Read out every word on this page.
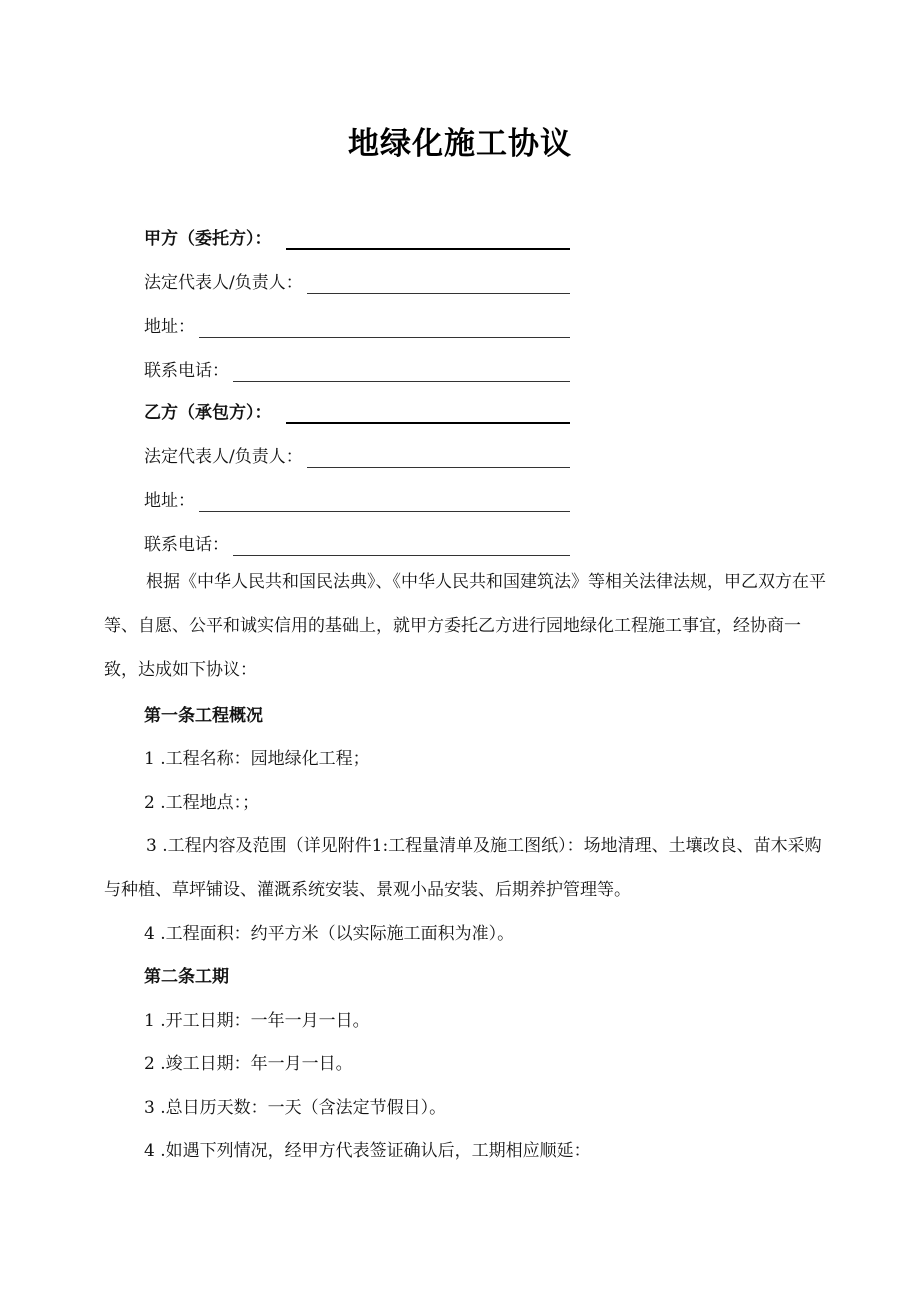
地绿化施工协议
甲方（委托方）：
法定代表人/负责人：
地址：
联系电话：
乙方（承包方）：
法定代表人/负责人：
地址：
联系电话：

根据《中华人民共和国民法典》、《中华人民共和国建筑法》等相关法律法规，甲乙双方在平等、自愿、公平和诚实信用的基础上，就甲方委托乙方进行园地绿化工程施工事宜，经协商一致，达成如下协议：

第一条工程概况
1 .工程名称：园地绿化工程；
2 .工程地点：；

3 .工程内容及范围（详见附件1:工程量清单及施工图纸）：场地清理、土壤改良、苗木采购与种植、草坪铺设、灌溉系统安装、景观小品安装、后期养护管理等。

4 .工程面积：约平方米（以实际施工面积为准）。
第二条工期
1 .开工日期：一年一月一日。
2 .竣工日期：年一月一日。
3 .总日历天数：一天（含法定节假日）。
4 .如遇下列情况，经甲方代表签证确认后，工期相应顺延：
